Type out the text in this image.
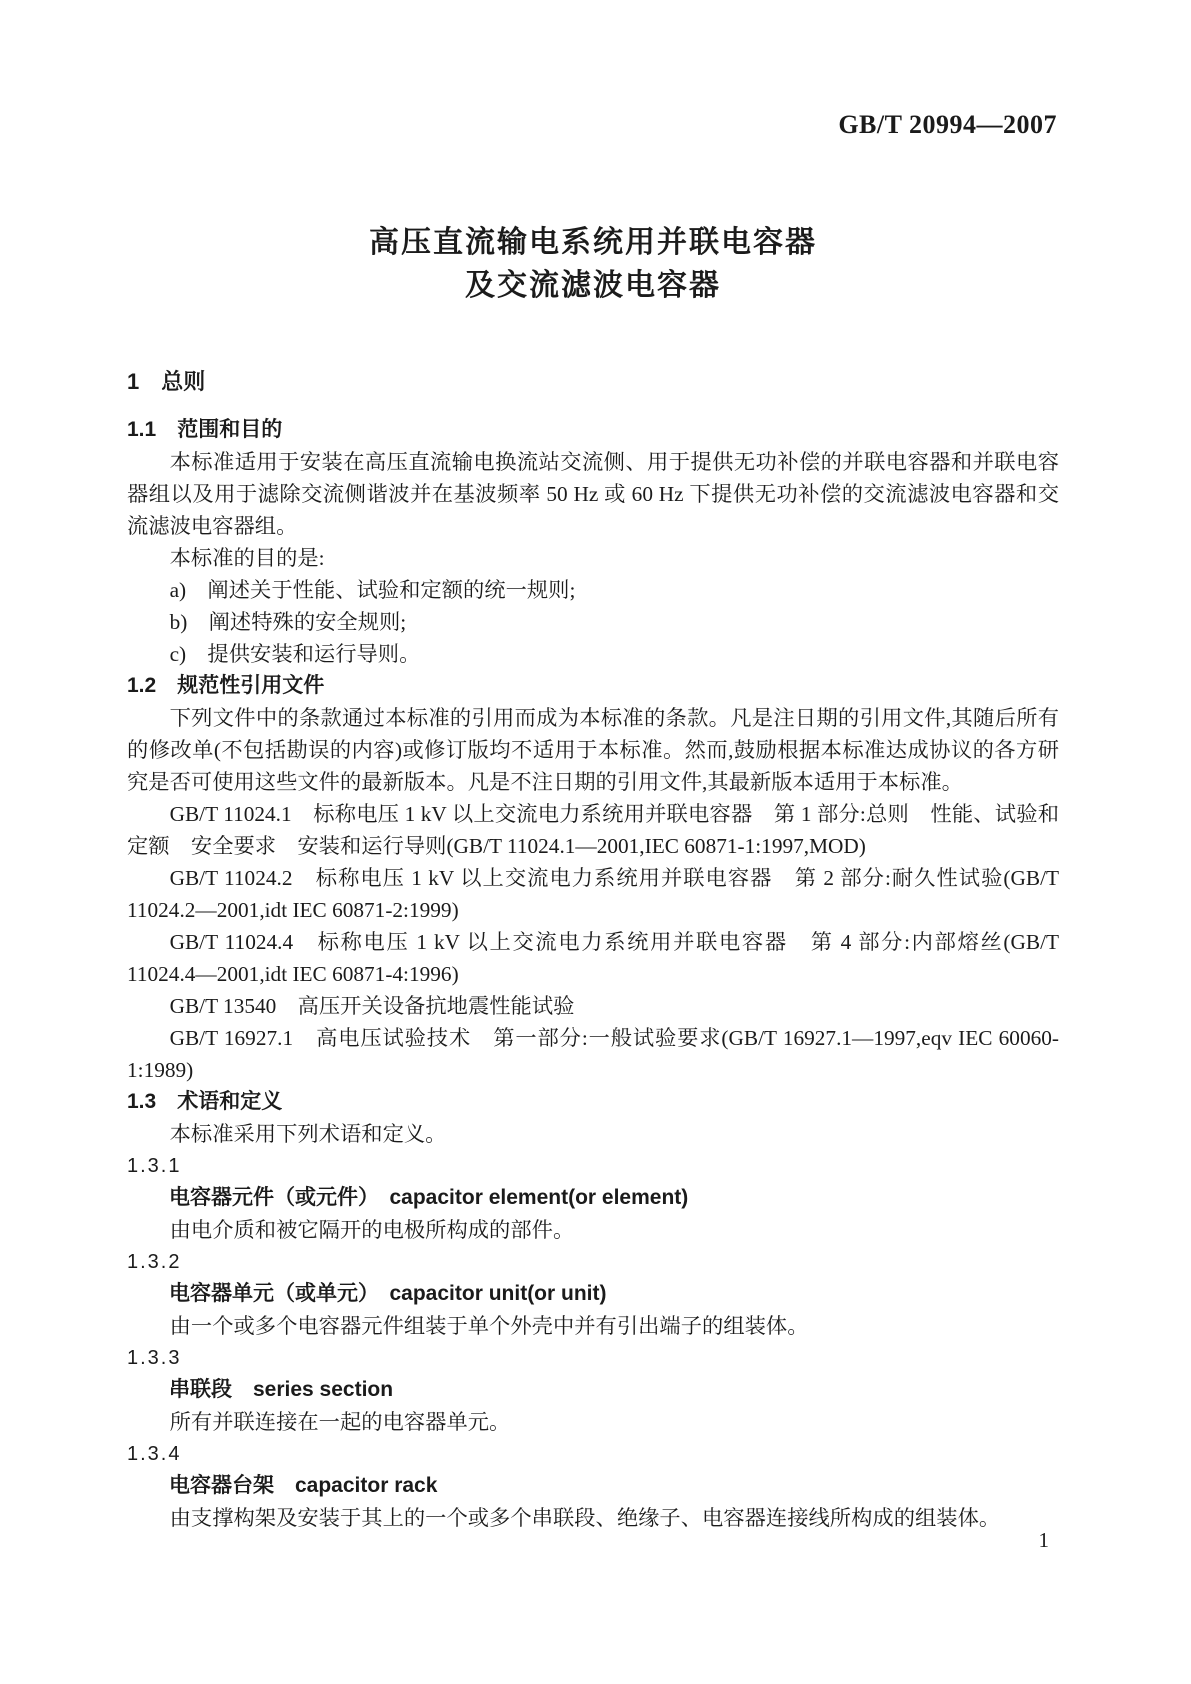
GB/T 20994—2007
高压直流输电系统用并联电容器
及交流滤波电容器
1　总则
1.1　范围和目的

本标准适用于安装在高压直流输电换流站交流侧、用于提供无功补偿的并联电容器和并联电容器组以及用于滤除交流侧谐波并在基波频率 50 Hz 或 60 Hz 下提供无功补偿的交流滤波电容器和交流滤波电容器组。

本标准的目的是:

a)　阐述关于性能、试验和定额的统一规则;

b)　阐述特殊的安全规则;

c)　提供安装和运行导则。

1.2　规范性引用文件

下列文件中的条款通过本标准的引用而成为本标准的条款。凡是注日期的引用文件,其随后所有的修改单(不包括勘误的内容)或修订版均不适用于本标准。然而,鼓励根据本标准达成协议的各方研究是否可使用这些文件的最新版本。凡是不注日期的引用文件,其最新版本适用于本标准。

GB/T 11024.1　标称电压 1 kV 以上交流电力系统用并联电容器　第 1 部分:总则　性能、试验和定额　安全要求　安装和运行导则(GB/T 11024.1—2001,IEC 60871-1:1997,MOD)

GB/T 11024.2　标称电压 1 kV 以上交流电力系统用并联电容器　第 2 部分:耐久性试验(GB/T 11024.2—2001,idt IEC 60871-2:1999)

GB/T 11024.4　标称电压 1 kV 以上交流电力系统用并联电容器　第 4 部分:内部熔丝(GB/T 11024.4—2001,idt IEC 60871-4:1996)

GB/T 13540　高压开关设备抗地震性能试验

GB/T 16927.1　高电压试验技术　第一部分:一般试验要求(GB/T 16927.1—1997,eqv IEC 60060-1:1989)

1.3　术语和定义

本标准采用下列术语和定义。

1.3.1

电容器元件（或元件）　capacitor element(or element)

由电介质和被它隔开的电极所构成的部件。

1.3.2

电容器单元（或单元）　capacitor unit(or unit)

由一个或多个电容器元件组装于单个外壳中并有引出端子的组装体。

1.3.3

串联段　series section

所有并联连接在一起的电容器单元。

1.3.4

电容器台架　capacitor rack

由支撑构架及安装于其上的一个或多个串联段、绝缘子、电容器连接线所构成的组装体。

1
